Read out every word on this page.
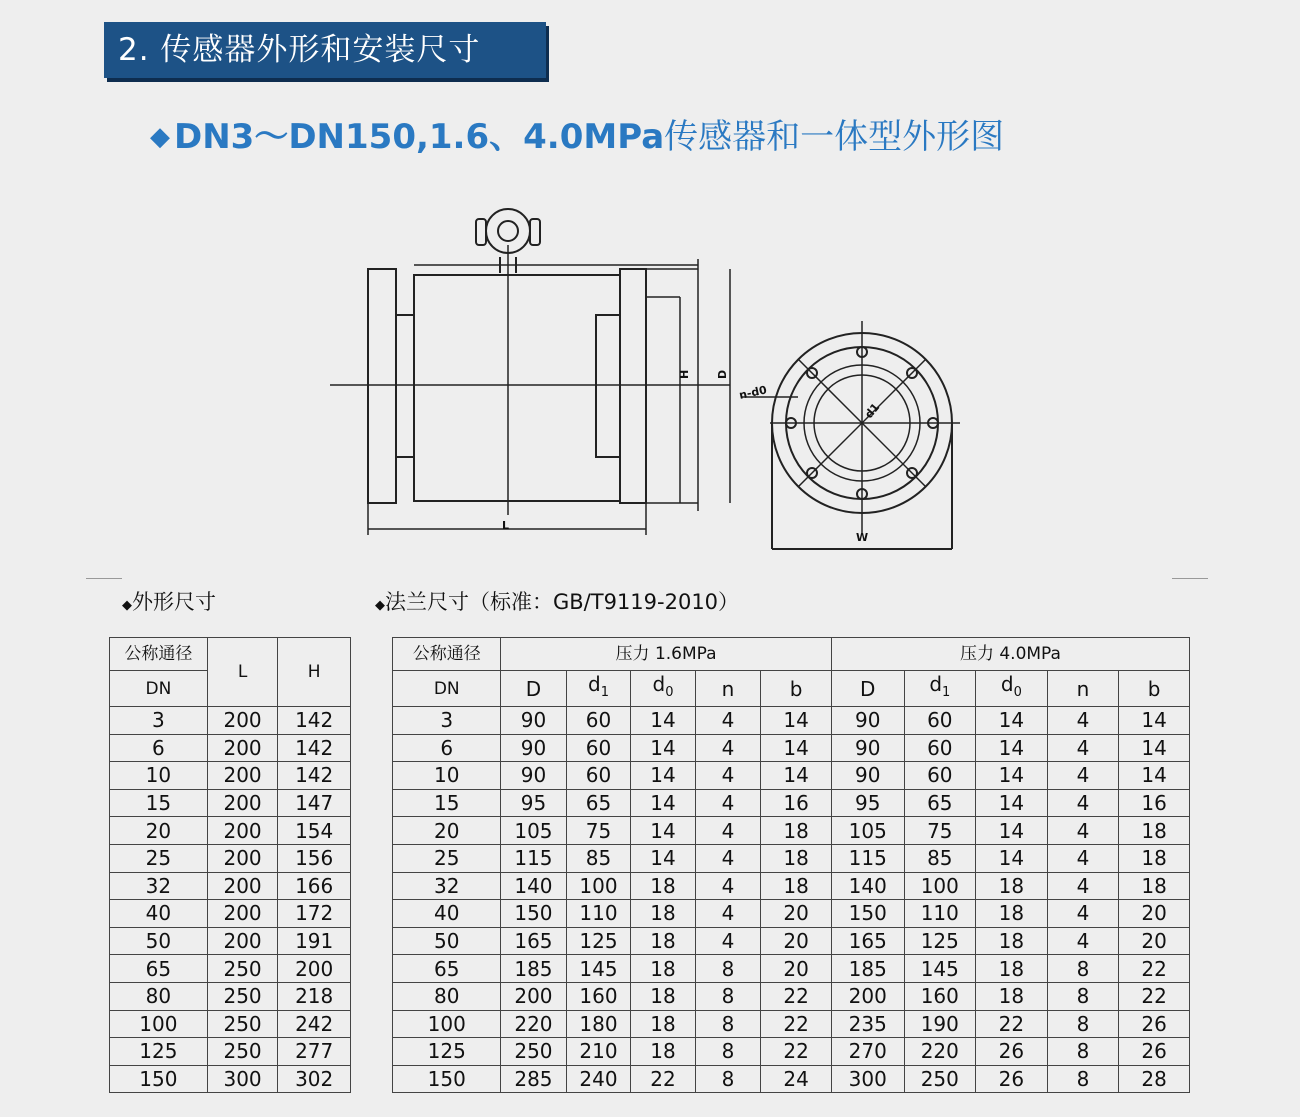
2. 传感器外形和安装尺寸
◆ DN3～DN150,1.6、4.0MPa传感器和一体型外形图
H D
L
n-d0
d1
W
◆外形尺寸	◆法兰尺寸（标准：GB/T9119-2010）
公称通径	L	H		公称通径	压力 1.6MPa					压力 4.0MPa				
DN				DN	D	$d_1$	$d_0$	n	b	D	$d_1$	$d_0$	n	b
3	200	142		3	90	60	14	4	14	90	60	14	4	14
6	200	142		6	90	60	14	4	14	90	60	14	4	14
10	200	142		10	90	60	14	4	14	90	60	14	4	14
15	200	147		15	95	65	14	4	16	95	65	14	4	16
20	200	154		20	105	75	14	4	18	105	75	14	4	18
25	200	156		25	115	85	14	4	18	115	85	14	4	18
32	200	166		32	140	100	18	4	18	140	100	18	4	18
40	200	172		40	150	110	18	4	20	150	110	18	4	20
50	200	191		50	165	125	18	4	20	165	125	18	4	20
65	250	200		65	185	145	18	8	20	185	145	18	8	22
80	250	218		80	200	160	18	8	22	200	160	18	8	22
100	250	242		100	220	180	18	8	22	235	190	22	8	26
125	250	277		125	250	210	18	8	22	270	220	26	8	26
150	300	302		150	285	240	22	8	24	300	250	26	8	28
